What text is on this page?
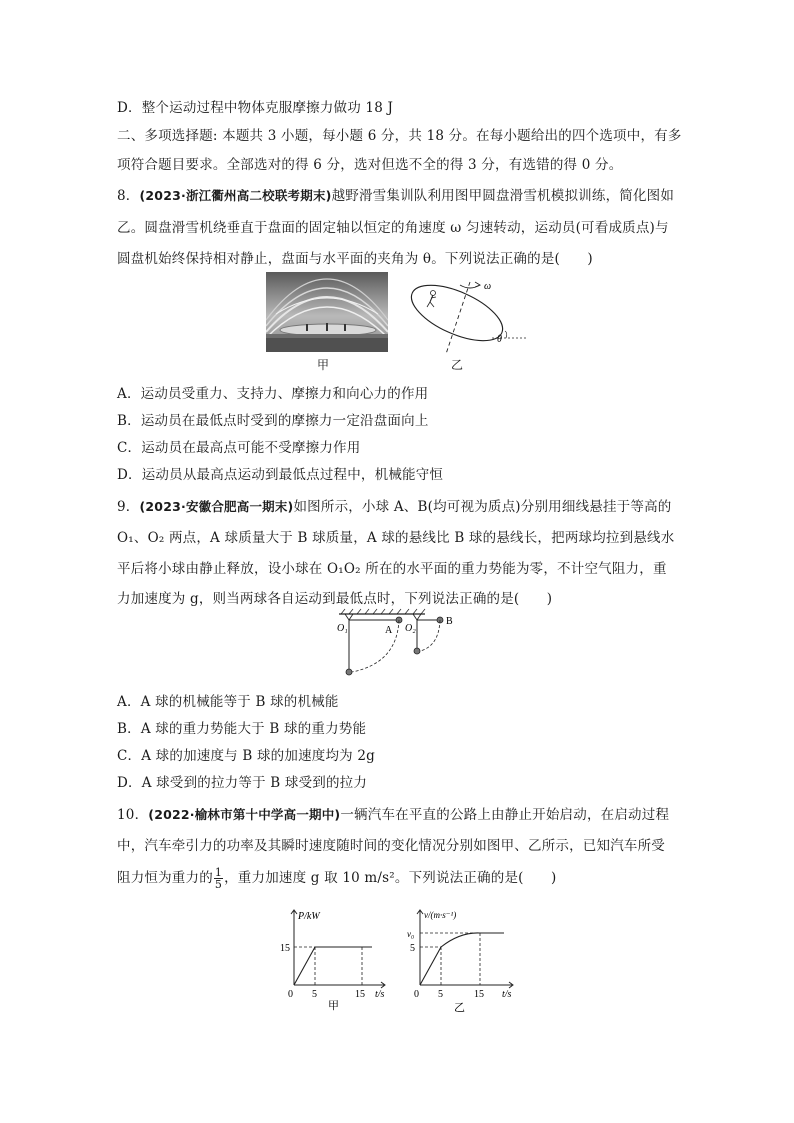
D．整个运动过程中物体克服摩擦力做功 18 J
二、多项选择题: 本题共 3 小题，每小题 6 分，共 18 分。在每小题给出的四个选项中，有多
项符合题目要求。全部选对的得 6 分，选对但选不全的得 3 分，有选错的得 0 分。
8．(2023·浙江衢州高二校联考期末)越野滑雪集训队利用图甲圆盘滑雪机模拟训练，简化图如
乙。圆盘滑雪机绕垂直于盘面的固定轴以恒定的角速度 ω 匀速转动，运动员(可看成质点)与
圆盘机始终保持相对静止，盘面与水平面的夹角为 θ。下列说法正确的是(　　)
甲
ω
θ
乙
A．运动员受重力、支持力、摩擦力和向心力的作用
B．运动员在最低点时受到的摩擦力一定沿盘面向上
C．运动员在最高点可能不受摩擦力作用
D．运动员从最高点运动到最低点过程中，机械能守恒
9．(2023·安徽合肥高一期末)如图所示，小球 A、B(均可视为质点)分别用细线悬挂于等高的
O₁、O₂ 两点，A 球质量大于 B 球质量，A 球的悬线比 B 球的悬线长，把两球均拉到悬线水
平后将小球由静止释放，设小球在 O₁O₂ 所在的水平面的重力势能为零，不计空气阻力，重
力加速度为 g，则当两球各自运动到最低点时，下列说法正确的是(　　)
O₁	A O₂
B
A．A 球的机械能等于 B 球的机械能
B．A 球的重力势能大于 B 球的重力势能
C．A 球的加速度与 B 球的加速度均为 2g
D．A 球受到的拉力等于 B 球受到的拉力
10．(2022·榆林市第十中学高一期中)一辆汽车在平直的公路上由静止开始启动，在启动过程
中，汽车牵引力的功率及其瞬时速度随时间的变化情况分别如图甲、乙所示，已知汽车所受
阻力恒为重力的 $\frac{1}{5}$ ，重力加速度 g 取 10 m/s²。下列说法正确的是(　　)
P/kW
15
0 5	15 t/s
甲
v/(m·s⁻¹)
v₀
5
0 5	15 t/s
乙
